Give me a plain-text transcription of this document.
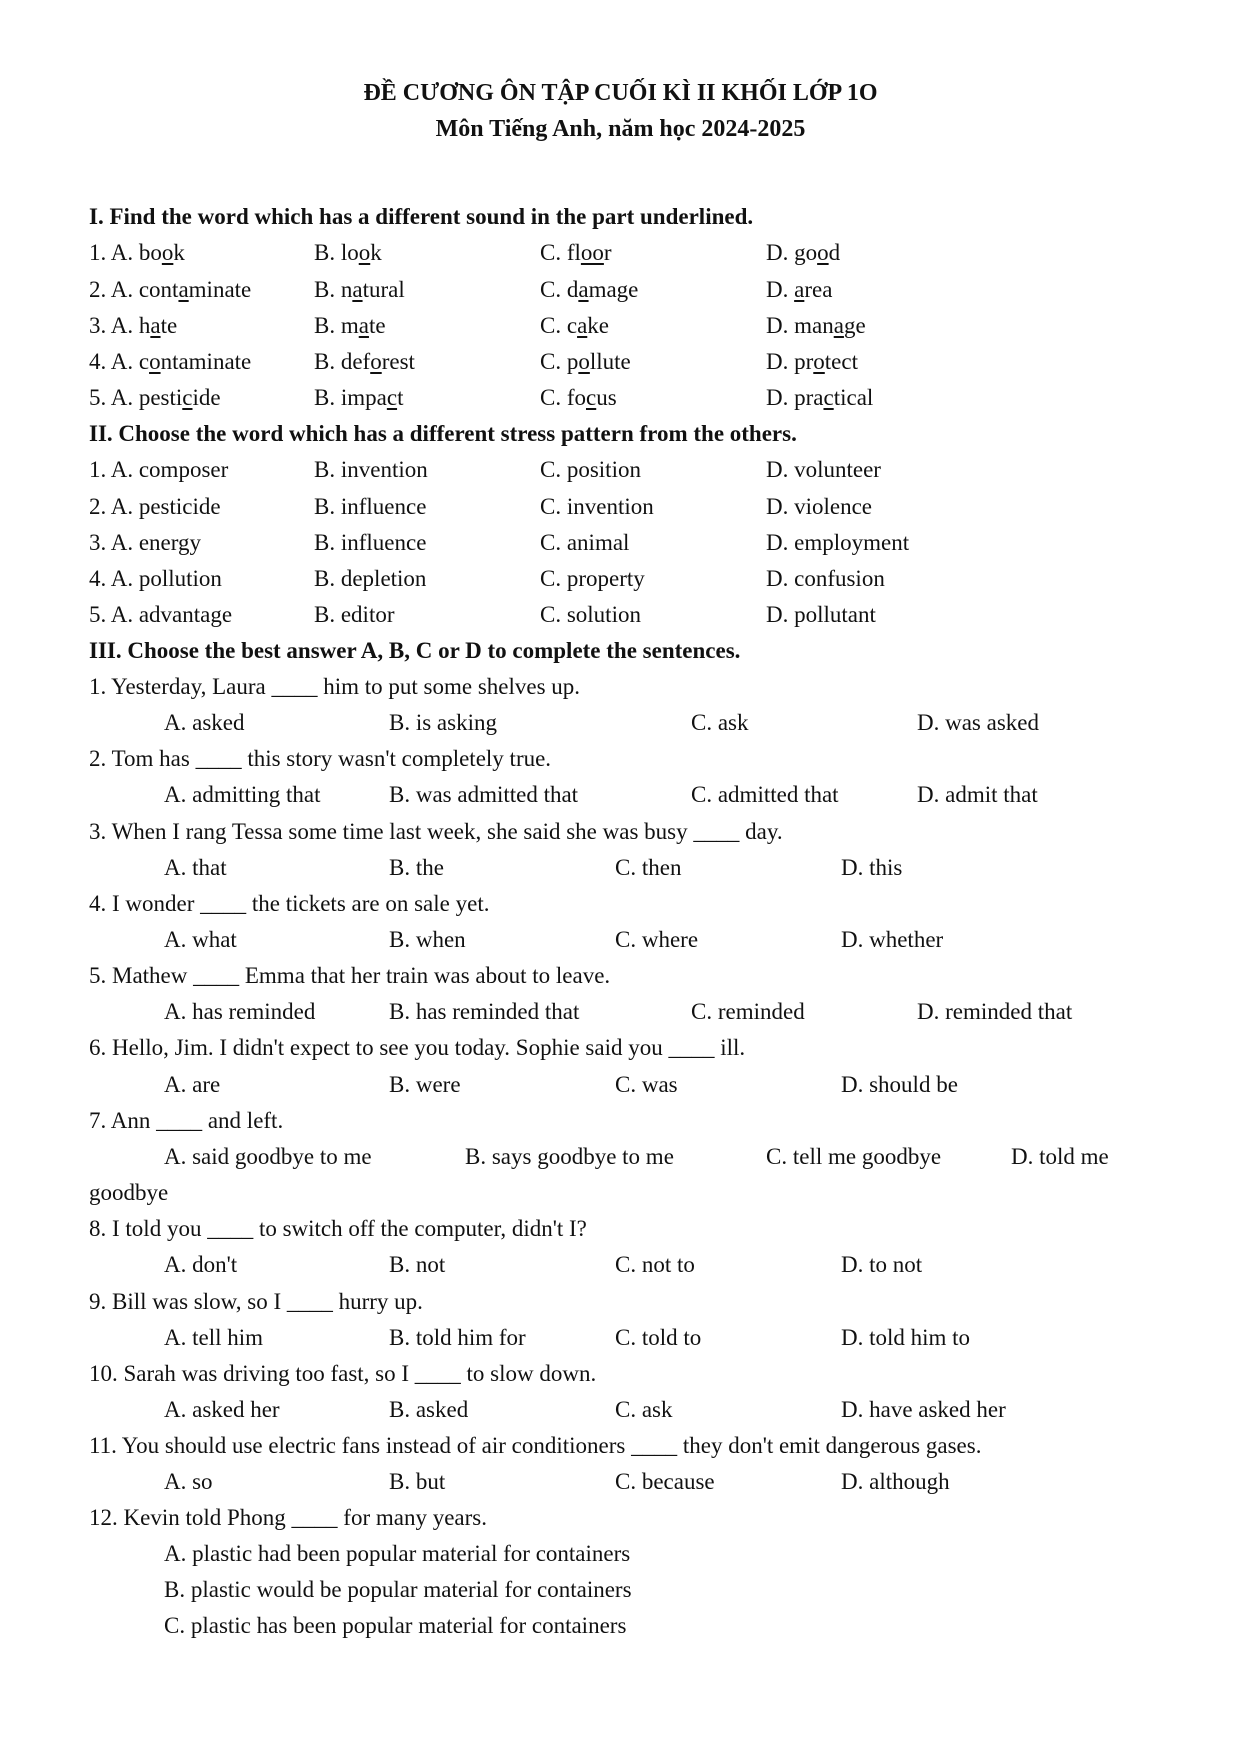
ĐỀ CƯƠNG ÔN TẬP CUỐI KÌ II KHỐI LỚP 1O
Môn Tiếng Anh, năm học 2024-2025
I. Find the word which has a different sound in the part underlined.
1. A. book	B. look	C. floor	D. good
2. A. contaminate	B. natural	C. damage	D. area
3. A. hate	B. mate	C. cake	D. manage
4. A. contaminate	B. deforest	C. pollute	D. protect
5. A. pesticide	B. impact	C. focus	D. practical
II. Choose the word which has a different stress pattern from the others.
1. A. composer	B. invention	C. position	D. volunteer
2. A. pesticide	B. influence	C. invention	D. violence
3. A. energy	B. influence	C. animal	D. employment
4. A. pollution	B. depletion	C. property	D. confusion
5. A. advantage	B. editor	C. solution	D. pollutant
III. Choose the best answer A, B, C or D to complete the sentences.
1. Yesterday, Laura ____ him to put some shelves up.
A. asked	B. is asking	C. ask	D. was asked
2. Tom has ____ this story wasn't completely true.
A. admitting that	B. was admitted that	C. admitted that	D. admit that
3. When I rang Tessa some time last week, she said she was busy ____ day.
A. that	B. the	C. then	D. this
4. I wonder ____ the tickets are on sale yet.
A. what	B. when	C. where	D. whether
5. Mathew ____ Emma that her train was about to leave.
A. has reminded	B. has reminded that	C. reminded	D. reminded that
6. Hello, Jim. I didn't expect to see you today. Sophie said you ____ ill.
A. are	B. were	C. was	D. should be
7. Ann ____ and left.
A. said goodbye to me	B. says goodbye to me	C. tell me goodbye	D. told me
goodbye
8. I told you ____ to switch off the computer, didn't I?
A. don't	B. not	C. not to	D. to not
9. Bill was slow, so I ____ hurry up.
A. tell him	B. told him for	C. told to	D. told him to
10. Sarah was driving too fast, so I ____ to slow down.
A. asked her	B. asked	C. ask	D. have asked her
11. You should use electric fans instead of air conditioners ____ they don't emit dangerous gases.
A. so	B. but	C. because	D. although
12. Kevin told Phong ____ for many years.
A. plastic had been popular material for containers
B. plastic would be popular material for containers
C. plastic has been popular material for containers
